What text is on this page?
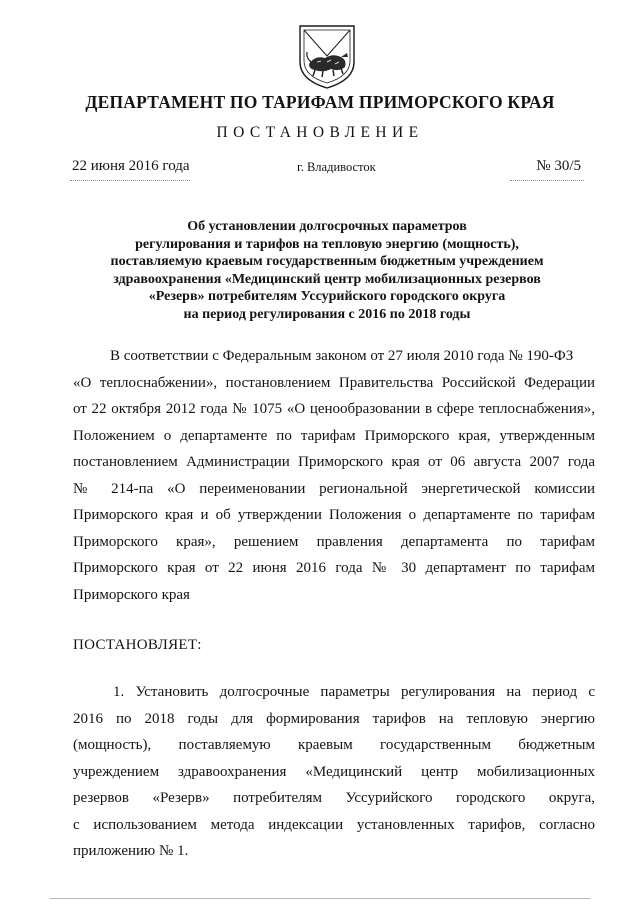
ДЕПАРТАМЕНТ ПО ТАРИФАМ ПРИМОРСКОГО КРАЯ
ПОСТАНОВЛЕНИЕ
22 июня 2016 года	г. Владивосток	№ 30/5
Об установлении долгосрочных параметров
регулирования и тарифов на тепловую энергию (мощность),
поставляемую краевым государственным бюджетным учреждением
здравоохранения «Медицинский центр мобилизационных резервов
«Резерв» потребителям Уссурийского городского округа
на период регулирования с 2016 по 2018 годы
В соответствии с Федеральным законом от 27 июля 2010 года № 190-ФЗ
«О теплоснабжении», постановлением Правительства Российской Федерации
от 22 октября 2012 года № 1075 «О ценообразовании в сфере теплоснабжения»,
Положением о департаменте по тарифам Приморского края, утвержденным
постановлением Администрации Приморского края от 06 августа 2007 года
№ 214-па «О переименовании региональной энергетической комиссии
Приморского края и об утверждении Положения о департаменте по тарифам
Приморского края», решением правления департамента по тарифам
Приморского края от 22 июня 2016 года № 30 департамент по тарифам
Приморского края
ПОСТАНОВЛЯЕТ:
1. Установить долгосрочные параметры регулирования на период с
2016 по 2018 годы для формирования тарифов на тепловую энергию
(мощность), поставляемую краевым государственным бюджетным
учреждением здравоохранения «Медицинский центр мобилизационных
резервов «Резерв» потребителям Уссурийского городского округа,
с использованием метода индексации установленных тарифов, согласно
приложению № 1.
